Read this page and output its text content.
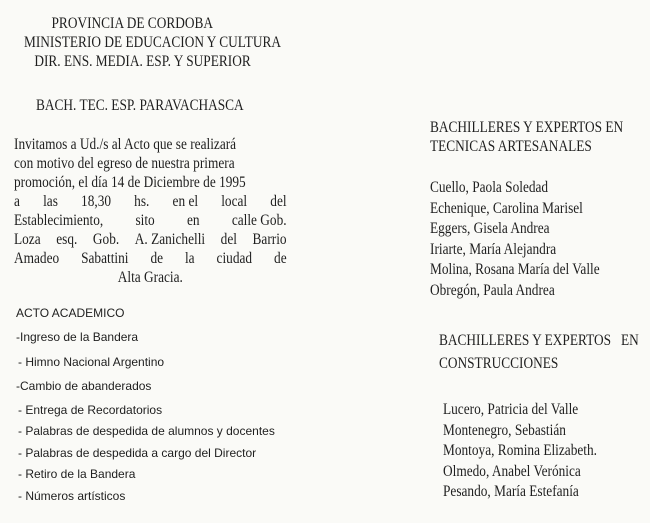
PROVINCIA DE CORDOBA
MINISTERIO DE EDUCACION Y CULTURA
DIR. ENS. MEDIA. ESP. Y SUPERIOR
BACH. TEC. ESP. PARAVACHASCA
Invitamos a Ud./s al Acto que se realizará
con motivo del egreso de nuestra primera
promoción, el día 14 de Diciembre de 1995
a las 18,30 hs. en el local del
Establecimiento, sito en calle Gob.
Loza esq. Gob. A. Zanichelli del Barrio
Amadeo Sabattini de la ciudad de
Alta Gracia.
ACTO ACADEMICO
-Ingreso de la Bandera
- Himno Nacional Argentino
-Cambio de abanderados
- Entrega de Recordatorios
- Palabras de despedida de alumnos y docentes
- Palabras de despedida a cargo del Director
- Retiro de la Bandera
- Números artísticos
BACHILLERES Y EXPERTOS EN
TECNICAS ARTESANALES
Cuello, Paola Soledad
Echenique, Carolina Marisel
Eggers, Gisela Andrea
Iriarte, María Alejandra
Molina, Rosana María del Valle
Obregón, Paula Andrea
BACHILLERES Y EXPERTOS   EN
CONSTRUCCIONES
Lucero, Patricia del Valle
Montenegro, Sebastián
Montoya, Romina Elizabeth.
Olmedo, Anabel Verónica
Pesando, María Estefanía
